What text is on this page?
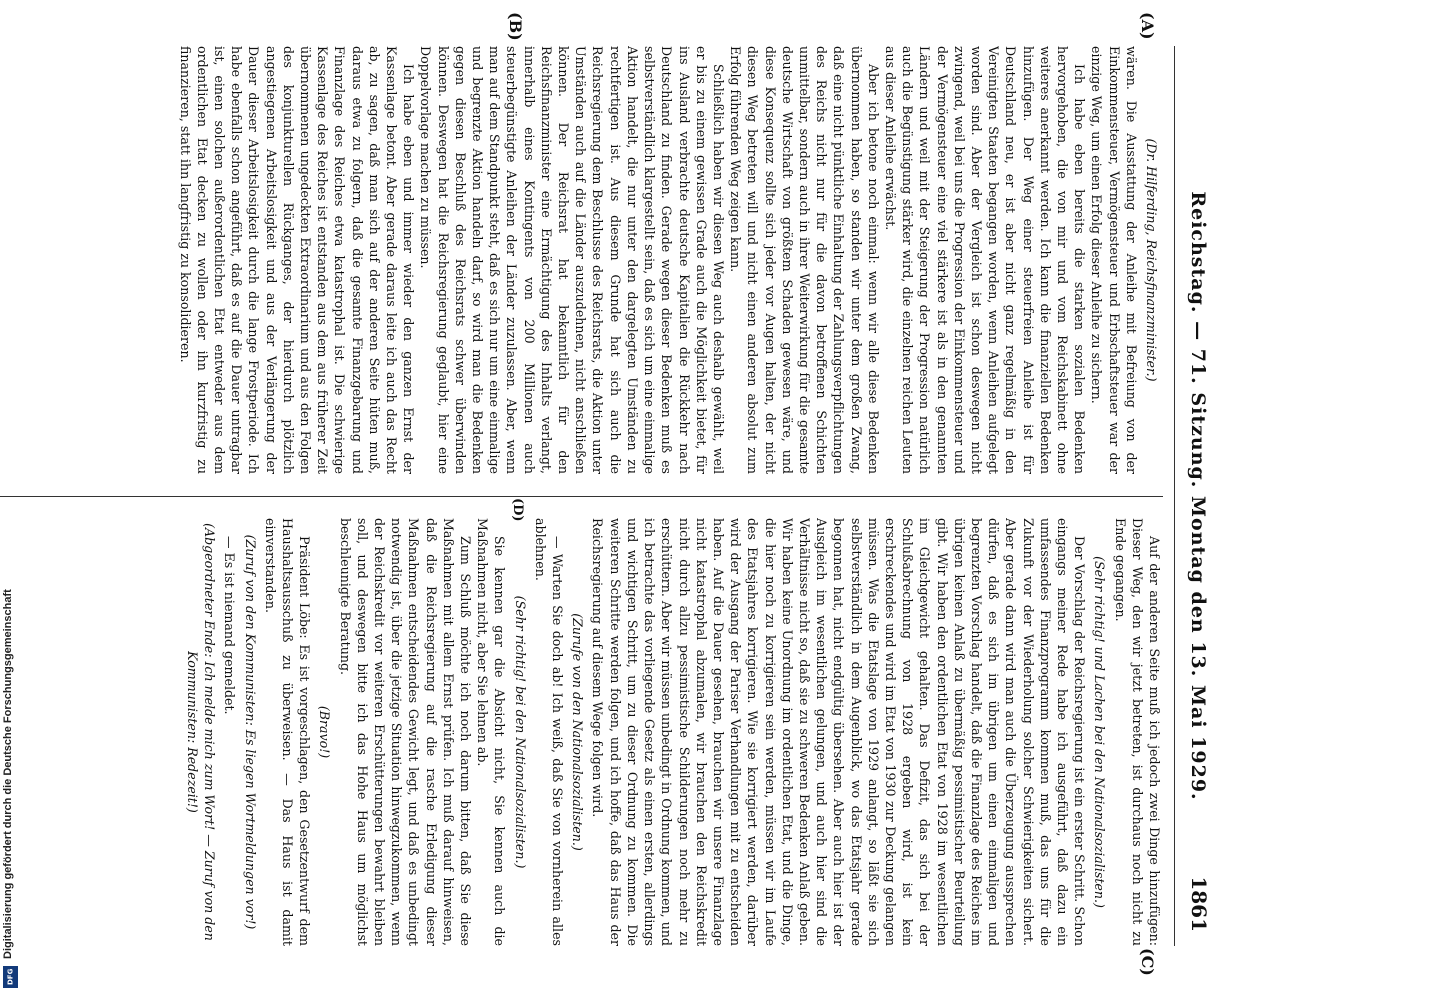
Digitalisierung gefördert durch die Deutsche Forschungsgemeinschaft
DFG
Reichstag. — 71. Sitzung. Montag den 13. Mai 1929.
1861
(A)
(B)
(C)
(D)

(Dr. Hilferding, Reichsfinanzminister.)

wären. Die Ausstattung der Anleihe mit Befreiung von der Einkommensteuer, Vermögensteuer und Erbschaftsteuer war der einzige Weg, um einen Erfolg dieser Anleihe zu sichern.

Ich habe eben bereits die starken sozialen Bedenken hervorgehoben, die von mir und vom Reichskabinett ohne weiteres anerkannt werden. Ich kann die finanziellen Bedenken hinzufügen. Der Weg einer steuerfreien Anleihe ist für Deutschland neu, er ist aber nicht ganz regelmäßig in den Vereinigten Staaten begangen worden, wenn Anleihen aufgelegt worden sind. Aber der Vergleich ist schon deswegen nicht zwingend, weil bei uns die Progression der Einkommensteuer und der Vermögensteuer eine viel stärkere ist als in den genannten Ländern und weil mit der Steigerung der Progression natürlich auch die Begünstigung stärker wird, die einzelnen reichen Leuten aus dieser Anleihe erwächst.

Aber ich betone noch einmal: wenn wir alle diese Bedenken übernommen haben, so standen wir unter dem großen Zwang, daß eine nicht pünktliche Einhaltung der Zahlungsverpflichtungen des Reichs nicht nur für die davon betroffenen Schichten unmittelbar, sondern auch in ihrer Weiterwirkung für die gesamte deutsche Wirtschaft von größtem Schaden gewesen wäre, und diese Konsequenz sollte sich jeder vor Augen halten, der nicht diesen Weg betreten will und nicht einen anderen absolut zum Erfolg führenden Weg zeigen kann.

Schließlich haben wir diesen Weg auch deshalb gewählt, weil er bis zu einem gewissen Grade auch die Möglichkeit bietet, für ins Ausland verbrachte deutsche Kapitalien die Rückkehr nach Deutschland zu finden. Gerade wegen dieser Bedenken muß es selbstverständlich klargestellt sein, daß es sich um eine einmalige Aktion handelt, die nur unter den dargelegten Umständen zu rechtfertigen ist. Aus diesem Grunde hat sich auch die Reichsregierung dem Beschlusse des Reichsrats, die Aktion unter Umständen auch auf die Länder auszudehnen, nicht anschließen können. Der Reichsrat hat bekanntlich für den Reichsfinanzminister eine Ermächtigung des Inhalts verlangt, innerhalb eines Kontingents von 200 Millionen auch steuerbegünstigte Anleihen der Länder zuzulassen. Aber, wenn man auf dem Standpunkt steht, daß es sich nur um eine einmalige und begrenzte Aktion handeln darf, so wird man die Bedenken gegen diesen Beschluß des Reichsrats schwer überwinden können. Deswegen hat die Reichsregierung geglaubt, hier eine Doppelvorlage machen zu müssen.

Ich habe eben und immer wieder den ganzen Ernst der Kassenlage betont. Aber gerade daraus leite ich auch das Recht ab, zu sagen, daß man sich auf der anderen Seite hüten muß, daraus etwa zu folgern, daß die gesamte Finanzgebarung und Finanzlage des Reiches etwa katastrophal ist. Die schwierige Kassenlage des Reiches ist entstanden aus dem aus früherer Zeit übernommenen ungedeckten Extraordinarium und aus den Folgen des konjunkturellen Rückganges, der hierdurch plötzlich angestiegenen Arbeitslosigkeit und aus der Verlängerung der Dauer dieser Arbeitslosigkeit durch die lange Frostperiode. Ich habe ebenfalls schon angeführt, daß es auf die Dauer untragbar ist, einen solchen außerordentlichen Etat entweder aus dem ordentlichen Etat decken zu wollen oder ihn kurzfristig zu finanzieren, statt ihn langfristig zu konsolidieren.

Auf der anderen Seite muß ich jedoch zwei Dinge hinzufügen: Dieser Weg, den wir jetzt betreten, ist durchaus noch nicht zu Ende gegangen.

(Sehr richtig! und Lachen bei den Nationalsozialisten.)

Der Vorschlag der Reichsregierung ist ein erster Schritt. Schon eingangs meiner Rede habe ich ausgeführt, daß dazu ein umfassendes Finanzprogramm kommen muß, das uns für die Zukunft vor der Wiederholung solcher Schwierigkeiten sichert. Aber gerade dann wird man auch die Überzeugung aussprechen dürfen, daß es sich im übrigen um einen einmaligen und begrenzten Vorschlag handelt, daß die Finanzlage des Reiches im übrigen keinen Anlaß zu übermäßig pessimistischer Beurteilung gibt. Wir haben den ordentlichen Etat von 1928 im wesentlichen im Gleichgewicht gehalten. Das Defizit, das sich bei der Schlußabrechnung von 1928 ergeben wird, ist kein erschreckendes und wird im Etat von 1930 zur Deckung gelangen müssen. Was die Etatslage von 1929 anlangt, so läßt sie sich selbstverständlich in dem Augenblick, wo das Etatsjahr gerade begonnen hat, nicht endgültig übersehen. Aber auch hier ist der Ausgleich im wesentlichen gelungen, und auch hier sind die Verhältnisse nicht so, daß sie zu schweren Bedenken Anlaß geben. Wir haben keine Unordnung im ordentlichen Etat, und die Dinge, die hier noch zu korrigieren sein werden, müssen wir im Laufe des Etatsjahres korrigieren. Wie sie korrigiert werden, darüber wird der Ausgang der Pariser Verhandlungen mit zu entscheiden haben. Auf die Dauer gesehen, brauchen wir unsere Finanzlage nicht katastrophal abzumalen, wir brauchen den Reichskredit nicht durch allzu pessimistische Schilderungen noch mehr zu erschüttern. Aber wir müssen unbedingt in Ordnung kommen, und ich betrachte das vorliegende Gesetz als einen ersten, allerdings und wichtigen Schritt, um zu dieser Ordnung zu kommen. Die weiteren Schritte werden folgen, und ich hoffe, daß das Haus der Reichsregierung auf diesem Wege folgen wird.

(Zurufe von den Nationalsozialisten.)

— Warten Sie doch ab! Ich weiß, daß Sie von vornherein alles ablehnen.

(Sehr richtig! bei den Nationalsozialisten.)

Sie kennen gar die Absicht nicht, Sie kennen auch die Maßnahmen nicht, aber Sie lehnen ab.

Zum Schluß möchte ich noch darum bitten, daß Sie diese Maßnahmen mit allem Ernst prüfen. Ich muß darauf hinweisen, daß die Reichsregierung auf die rasche Erledigung dieser Maßnahmen entscheidendes Gewicht legt, und daß es unbedingt notwendig ist, über die jetzige Situation hinwegzukommen, wenn der Reichskredit vor weiteren Erschütterungen bewahrt bleiben soll, und deswegen bitte ich das Hohe Haus um möglichst beschleunigte Beratung.

(Bravo!)

Präsident Löbe: Es ist vorgeschlagen, den Gesetzentwurf dem Haushaltsausschuß zu überweisen. — Das Haus ist damit einverstanden.

(Zuruf von den Kommunisten: Es liegen Wortmeldungen vor!)

— Es ist niemand gemeldet.

(Abgeordneter Ende: Ich melde mich zum Wort! — Zuruf von den Kommunisten: Redezeit!)
